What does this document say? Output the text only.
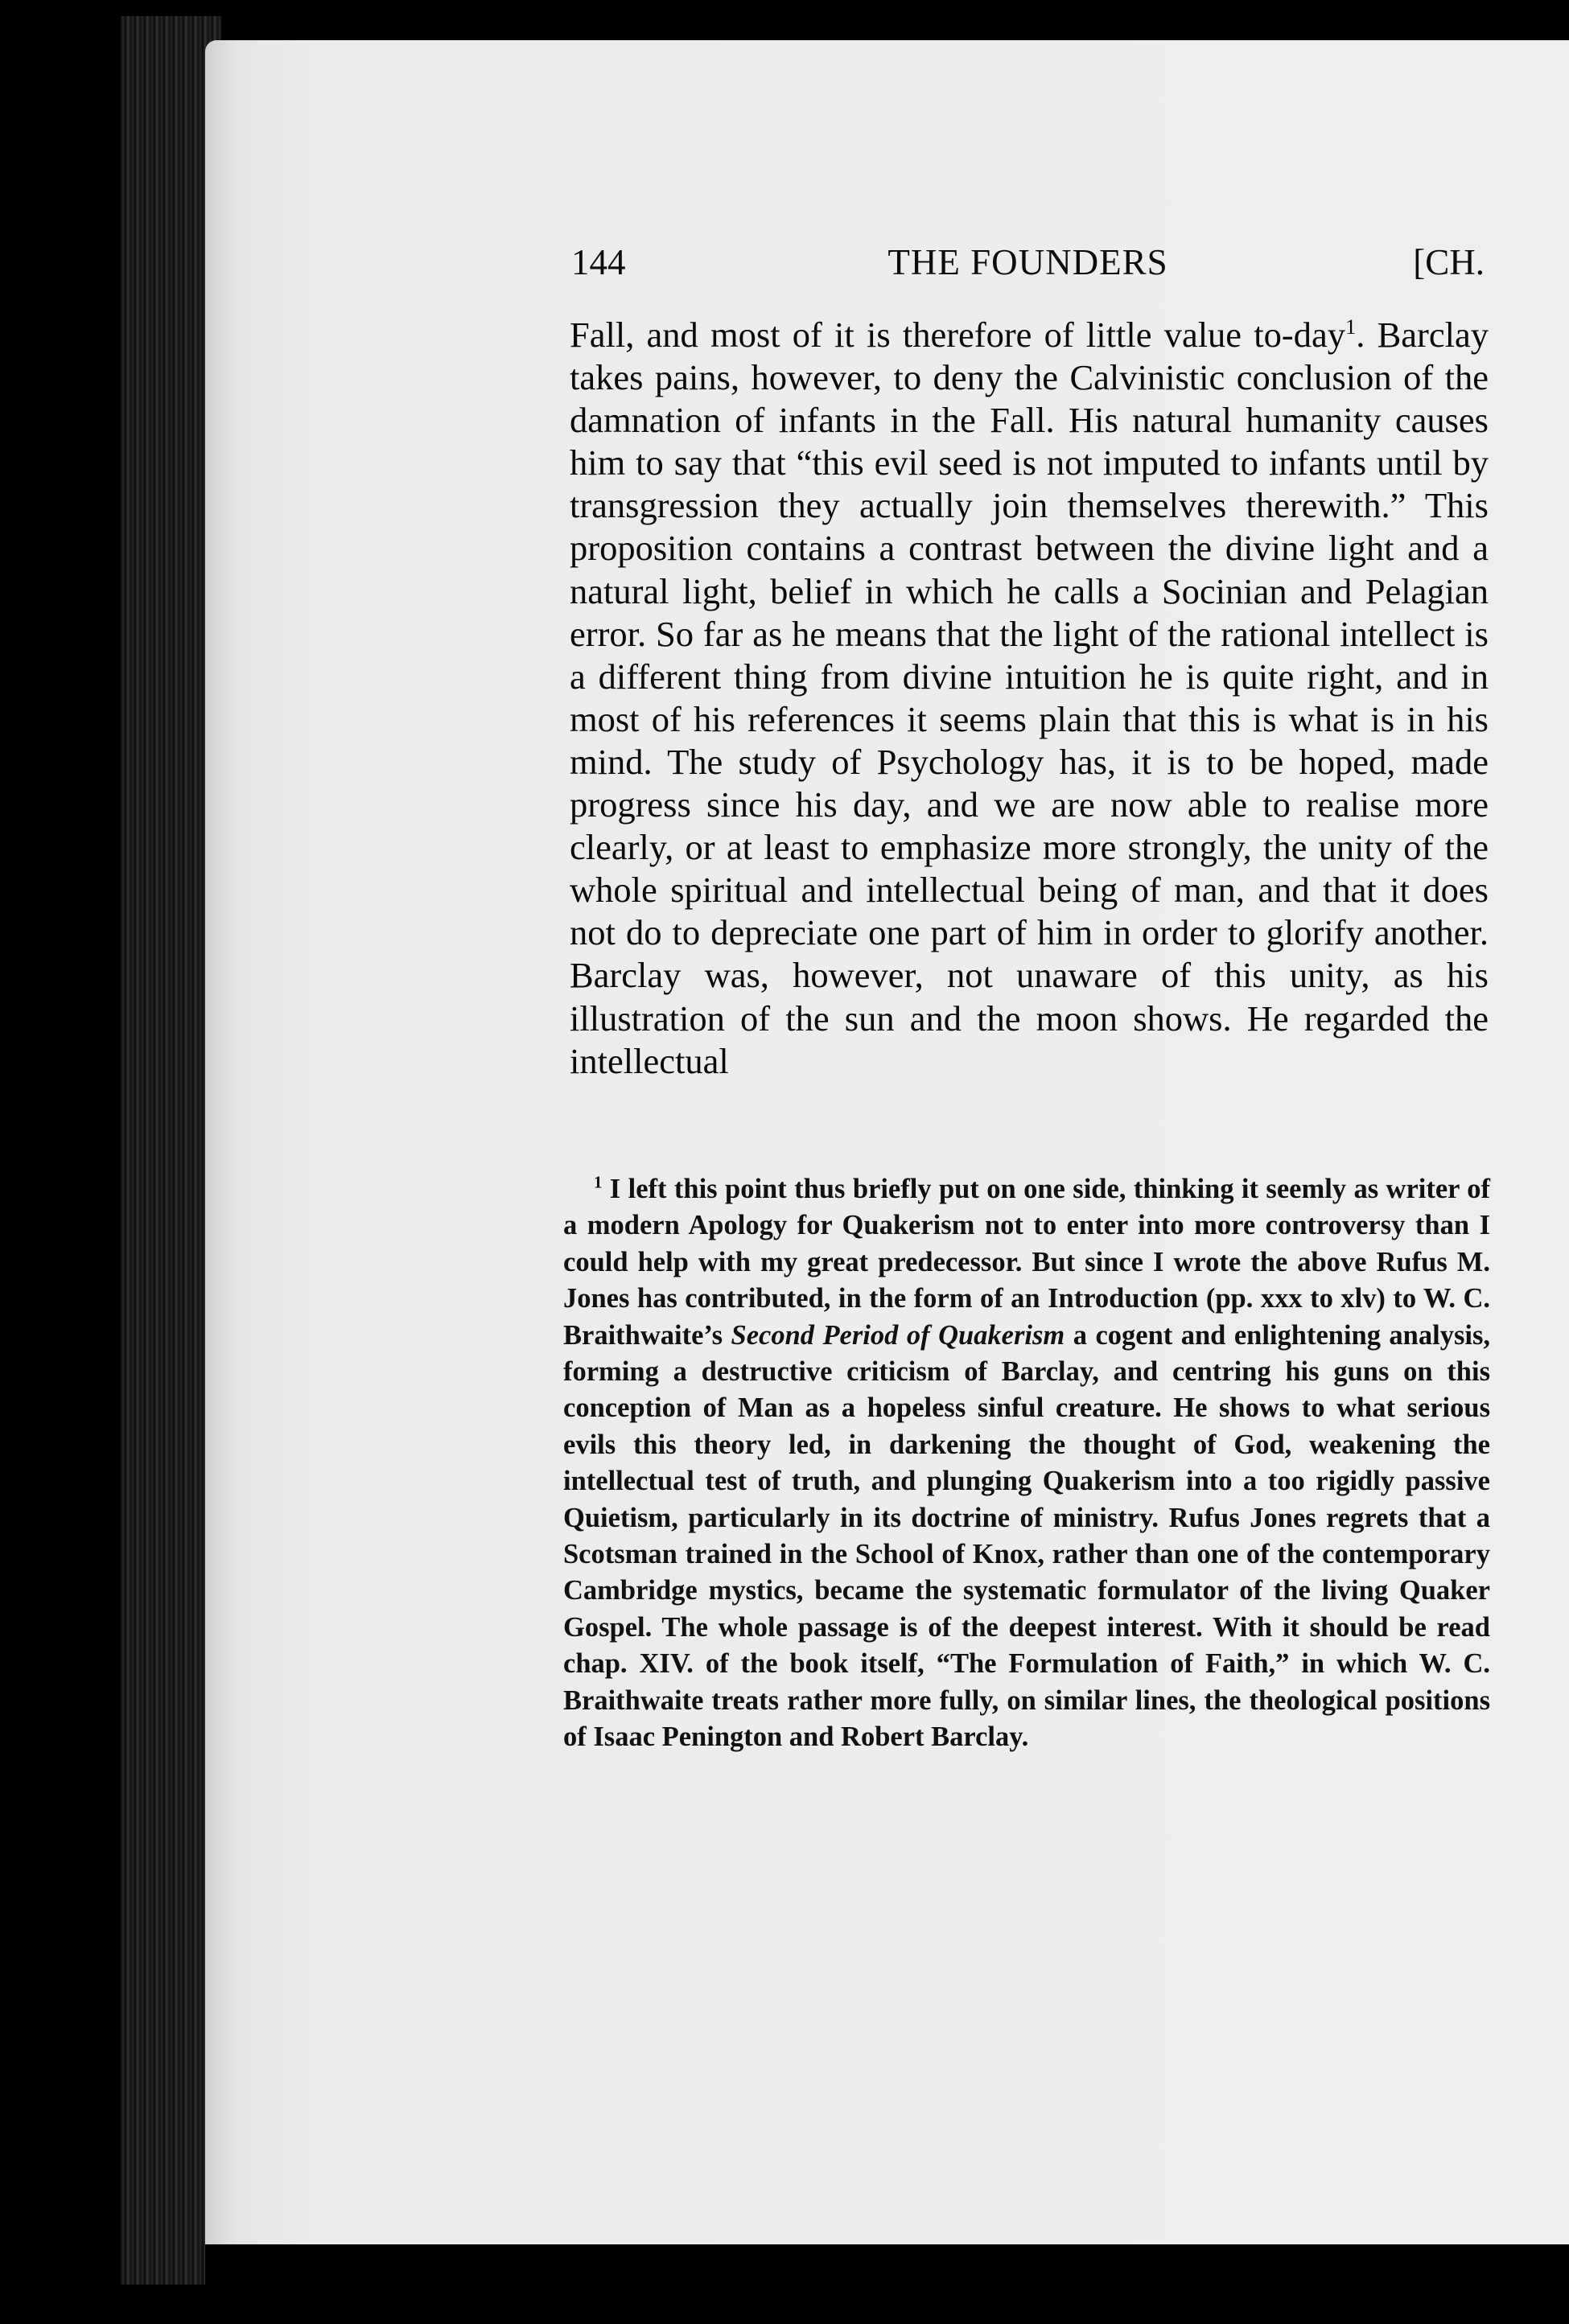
144	THE FOUNDERS	[CH.

Fall, and most of it is therefore of little value to-day$^1$. Barclay takes pains, however, to deny the Calvinistic conclusion of the damnation of infants in the Fall. His natural humanity causes him to say that “this evil seed is not imputed to infants until by transgression they actually join themselves therewith.” This proposition contains a contrast between the divine light and a natural light, belief in which he calls a Socinian and Pelagian error. So far as he means that the light of the rational intellect is a different thing from divine intuition he is quite right, and in most of his references it seems plain that this is what is in his mind. The study of Psychology has, it is to be hoped, made progress since his day, and we are now able to realise more clearly, or at least to emphasize more strongly, the unity of the whole spiritual and intellectual being of man, and that it does not do to depreciate one part of him in order to glorify another. Barclay was, however, not unaware of this unity, as his illustration of the sun and the moon shows. He regarded the intellectual

$^1$ I left this point thus briefly put on one side, thinking it seemly as writer of a modern Apology for Quakerism not to enter into more controversy than I could help with my great predecessor. But since I wrote the above Rufus M. Jones has contributed, in the form of an Introduction (pp. xxx to xlv) to W. C. Braithwaite’s Second Period of Quakerism a cogent and enlightening analysis, forming a destructive criticism of Barclay, and centring his guns on this conception of Man as a hopeless sinful creature. He shows to what serious evils this theory led, in darkening the thought of God, weakening the intellectual test of truth, and plunging Quakerism into a too rigidly passive Quietism, particularly in its doctrine of ministry. Rufus Jones regrets that a Scotsman trained in the School of Knox, rather than one of the contemporary Cambridge mystics, became the systematic formulator of the living Quaker Gospel. The whole passage is of the deepest interest. With it should be read chap. XIV. of the book itself, “The Formulation of Faith,” in which W. C. Braithwaite treats rather more fully, on similar lines, the theological positions of Isaac Penington and Robert Barclay.
